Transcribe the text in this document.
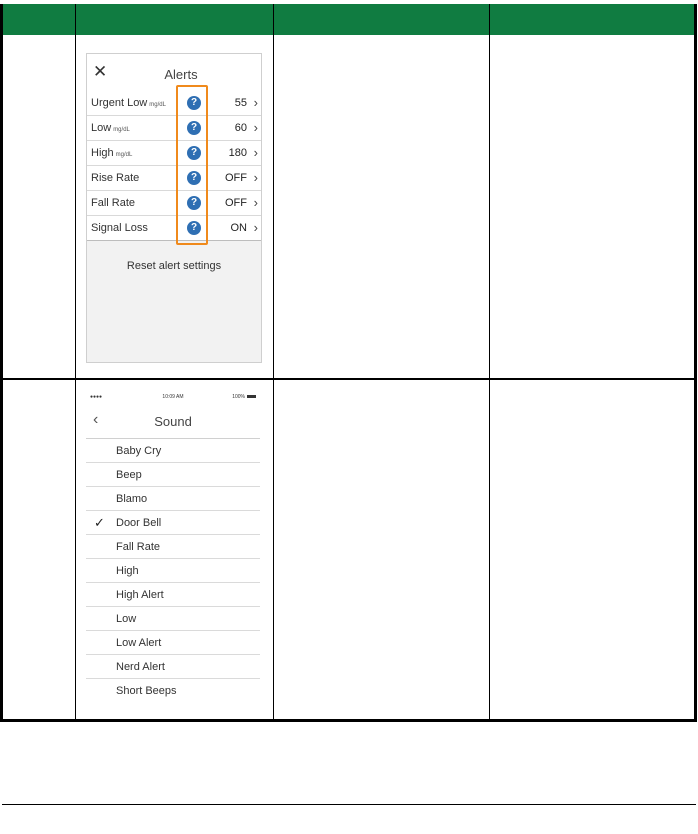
✕	Alerts
Urgent Low mg/dL	?	55 ›
Low mg/dL	?	60 ›
High mg/dL	?	180 ›
Rise Rate	?	OFF ›
Fall Rate	?	OFF ›
Signal Loss	?	ON ›
Reset alert settings
●●●●	10:09 AM	100%
‹	Sound
Baby Cry
Beep
Blamo
✓ Door Bell
Fall Rate
High
High Alert
Low
Low Alert
Nerd Alert
Short Beeps
